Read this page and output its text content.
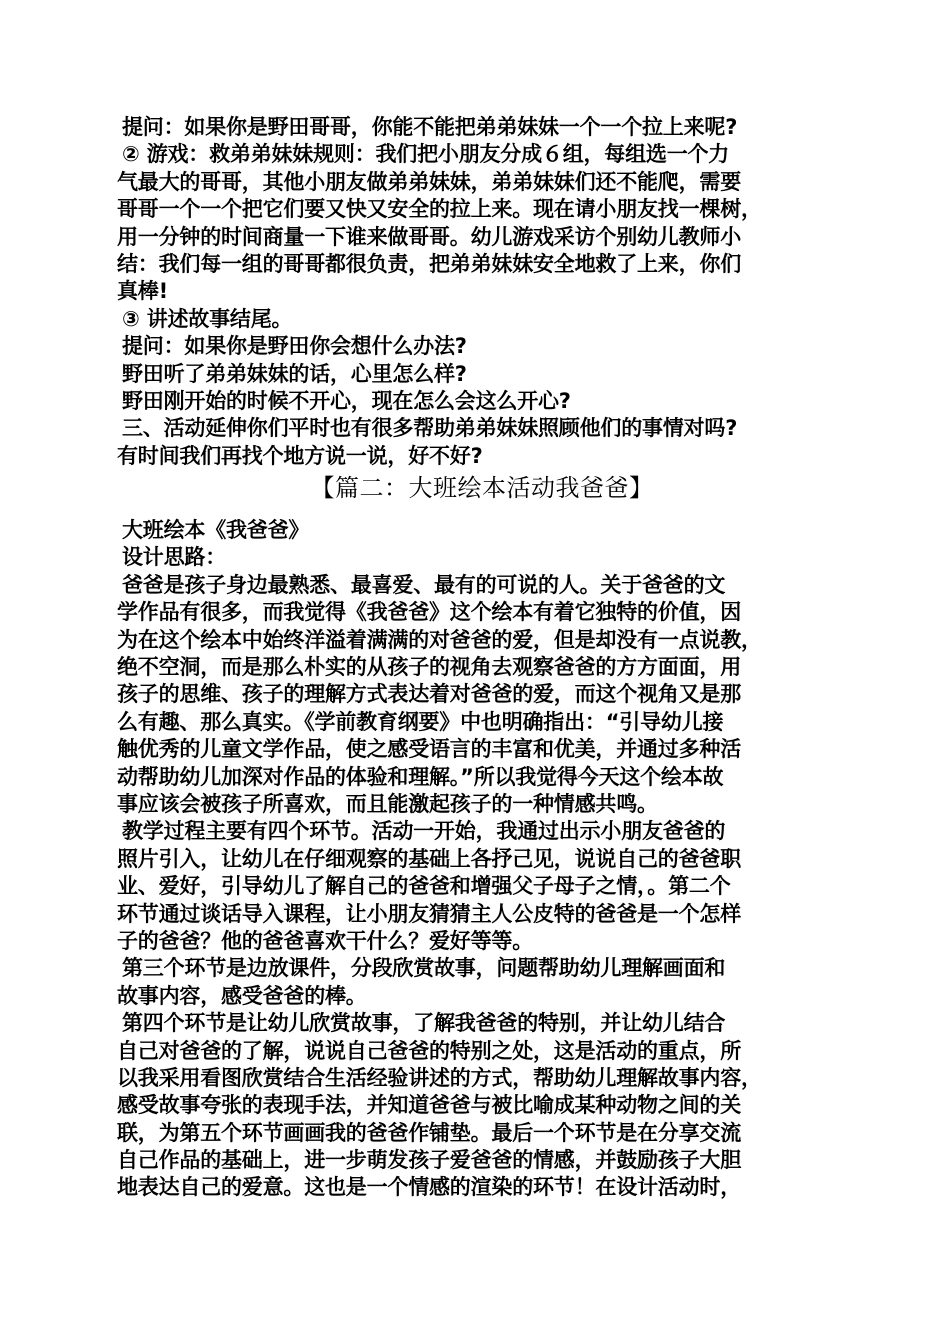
提问：如果你是野田哥哥，你能不能把弟弟妹妹一个一个拉上来呢?
② 游戏：救弟弟妹妹规则：我们把小朋友分成６组，每组选一个力
气最大的哥哥，其他小朋友做弟弟妹妹，弟弟妹妹们还不能爬，需要
哥哥一个一个把它们要又快又安全的拉上来。现在请小朋友找一棵树，
用一分钟的时间商量一下谁来做哥哥。幼儿游戏采访个别幼儿教师小
结：我们每一组的哥哥都很负责，把弟弟妹妹安全地救了上来，你们
真棒!
③ 讲述故事结尾。
提问：如果你是野田你会想什么办法?
野田听了弟弟妹妹的话，心里怎么样?
野田刚开始的时候不开心，现在怎么会这么开心?
三、活动延伸你们平时也有很多帮助弟弟妹妹照顾他们的事情对吗?
有时间我们再找个地方说一说，好不好?
【篇二：大班绘本活动我爸爸】
大班绘本《我爸爸》
设计思路：
爸爸是孩子身边最熟悉、最喜爱、最有的可说的人。关于爸爸的文
学作品有很多，而我觉得《我爸爸》这个绘本有着它独特的价值，因
为在这个绘本中始终洋溢着满满的对爸爸的爱，但是却没有一点说教，
绝不空洞，而是那么朴实的从孩子的视角去观察爸爸的方方面面，用
孩子的思维、孩子的理解方式表达着对爸爸的爱，而这个视角又是那
么有趣、那么真实。《学前教育纲要》中也明确指出：“引导幼儿接
触优秀的儿童文学作品，使之感受语言的丰富和优美，并通过多种活
动帮助幼儿加深对作品的体验和理解。”所以我觉得今天这个绘本故
事应该会被孩子所喜欢，而且能激起孩子的一种情感共鸣。
教学过程主要有四个环节。活动一开始，我通过出示小朋友爸爸的
照片引入，让幼儿在仔细观察的基础上各抒己见，说说自己的爸爸职
业、爱好，引导幼儿了解自己的爸爸和增强父子母子之情，。第二个
环节通过谈话导入课程，让小朋友猜猜主人公皮特的爸爸是一个怎样
子的爸爸？他的爸爸喜欢干什么？爱好等等。
第三个环节是边放课件，分段欣赏故事，问题帮助幼儿理解画面和
故事内容，感受爸爸的棒。
第四个环节是让幼儿欣赏故事，了解我爸爸的特别，并让幼儿结合
自己对爸爸的了解，说说自己爸爸的特别之处，这是活动的重点，所
以我采用看图欣赏结合生活经验讲述的方式，帮助幼儿理解故事内容，
感受故事夸张的表现手法，并知道爸爸与被比喻成某种动物之间的关
联，为第五个环节画画我的爸爸作铺垫。最后一个环节是在分享交流
自己作品的基础上，进一步萌发孩子爱爸爸的情感，并鼓励孩子大胆
地表达自己的爱意。这也是一个情感的渲染的环节！在设计活动时，
